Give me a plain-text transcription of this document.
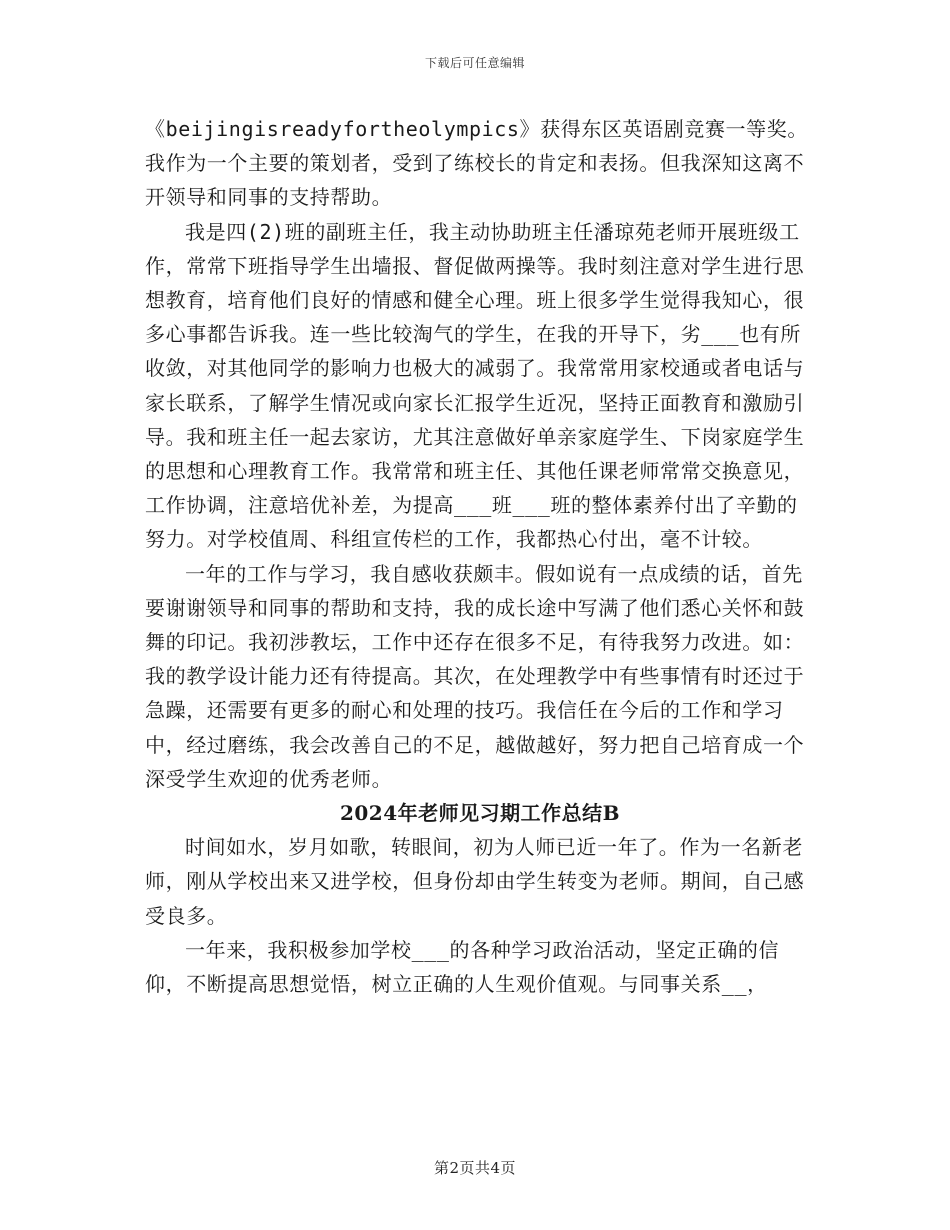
下载后可任意编辑

《beijingisreadyfortheolympics》获得东区英语剧竞赛一等奖。我作为一个主要的策划者，受到了练校长的肯定和表扬。但我深知这离不开领导和同事的支持帮助。

我是四(2)班的副班主任，我主动协助班主任潘琼苑老师开展班级工作，常常下班指导学生出墙报、督促做两操等。我时刻注意对学生进行思想教育，培育他们良好的情感和健全心理。班上很多学生觉得我知心，很多心事都告诉我。连一些比较淘气的学生，在我的开导下，劣___也有所收敛，对其他同学的影响力也极大的减弱了。我常常用家校通或者电话与家长联系，了解学生情况或向家长汇报学生近况，坚持正面教育和激励引导。我和班主任一起去家访，尤其注意做好单亲家庭学生、下岗家庭学生的思想和心理教育工作。我常常和班主任、其他任课老师常常交换意见，工作协调，注意培优补差，为提高___班___班的整体素养付出了辛勤的努力。对学校值周、科组宣传栏的工作，我都热心付出，毫不计较。

一年的工作与学习，我自感收获颇丰。假如说有一点成绩的话，首先要谢谢领导和同事的帮助和支持，我的成长途中写满了他们悉心关怀和鼓舞的印记。我初涉教坛，工作中还存在很多不足，有待我努力改进。如：我的教学设计能力还有待提高。其次，在处理教学中有些事情有时还过于急躁，还需要有更多的耐心和处理的技巧。我信任在今后的工作和学习中，经过磨练，我会改善自己的不足，越做越好，努力把自己培育成一个深受学生欢迎的优秀老师。

2024年老师见习期工作总结B

时间如水，岁月如歌，转眼间，初为人师已近一年了。作为一名新老师，刚从学校出来又进学校，但身份却由学生转变为老师。期间，自己感受良多。

一年来，我积极参加学校___的各种学习政治活动，坚定正确的信仰，不断提高思想觉悟，树立正确的人生观价值观。与同事关系__，

第2页共4页
